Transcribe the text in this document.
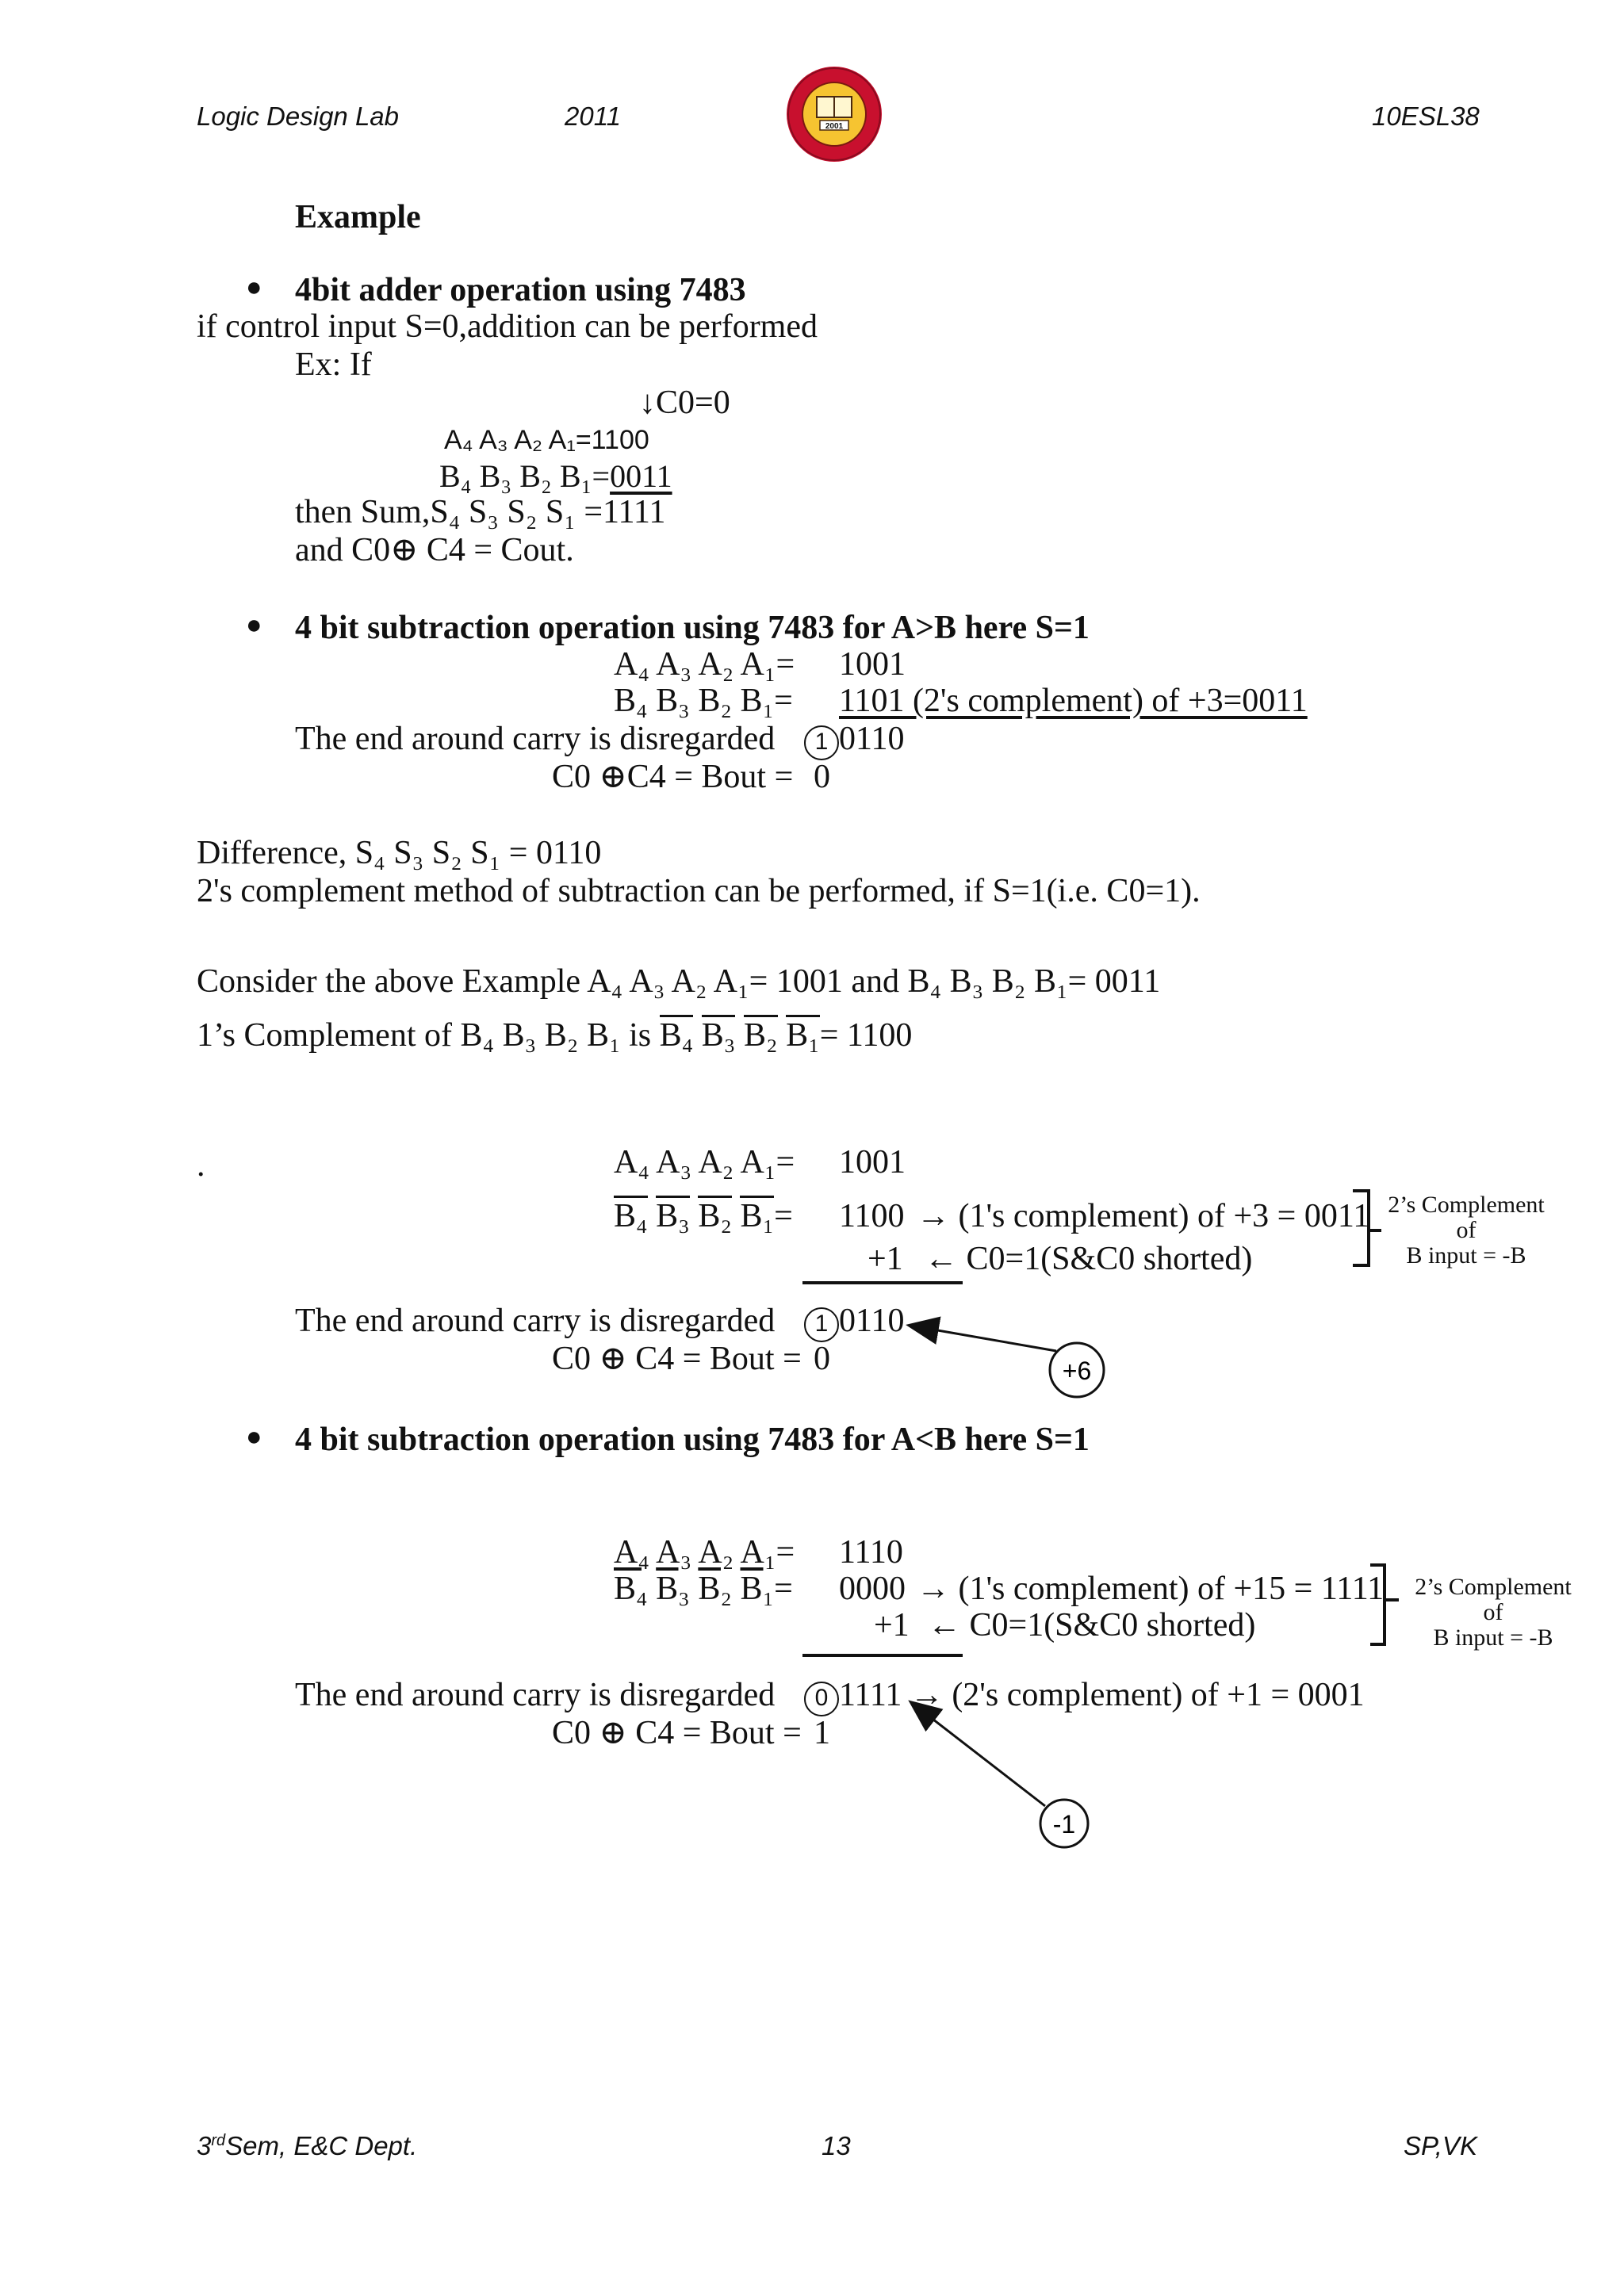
Logic Design Lab	2011	10ESL38
2001
Example
● 4bit adder operation using 7483
if control input S=0,addition can be performed
Ex: If
↓C0=0
A₄ A₃ A₂ A₁=1100
B₄ B₃ B₂ B₁=0011
then Sum,S₄ S₃ S₂ S₁ =1111
and C0⊕ C4 = Cout.
● 4 bit subtraction operation using 7483 for A>B here S=1
A₄ A₃ A₂ A₁= 1001
B₄ B₃ B₂ B₁= 1101 (2's complement) of +3=0011
The end around carry is disregarded	1 0110
C0 ⊕C4 = Bout = 0
Difference, S₄ S₃ S₂ S₁ = 0110
2's complement method of subtraction can be performed, if S=1(i.e. C0=1).
Consider the above Example A₄ A₃ A₂ A₁= 1001 and B₄ B₃ B₂ B₁= 0011
1’s Complement of B₄ B₃ B₂ B₁ is B₄ B₃ B₂ B₁= 1100
.	A₄ A₃ A₂ A₁= 1001
B₄ B₃ B₂ B₁= 1100 → (1's complement) of +3 = 0011
+1 ← C0=1(S&C0 shorted)
2’s Complement
of
B input = -B
The end around carry is disregarded	1 0110
C0 ⊕ C4 = Bout = 0
● 4 bit subtraction operation using 7483 for A<B here S=1
A₄ A₃ A₂ A₁= 1110
B₄ B₃ B₂ B₁= 0000 → (1's complement) of +15 = 1111
+1 ← C0=1(S&C0 shorted)
2’s Complement
of
B input = -B
The end around carry is disregarded	0 1111 → (2's complement) of +1 = 0001
C0 ⊕ C4 = Bout = 1
+6
-1
3rdSem, E&C Dept.	13	SP,VK
